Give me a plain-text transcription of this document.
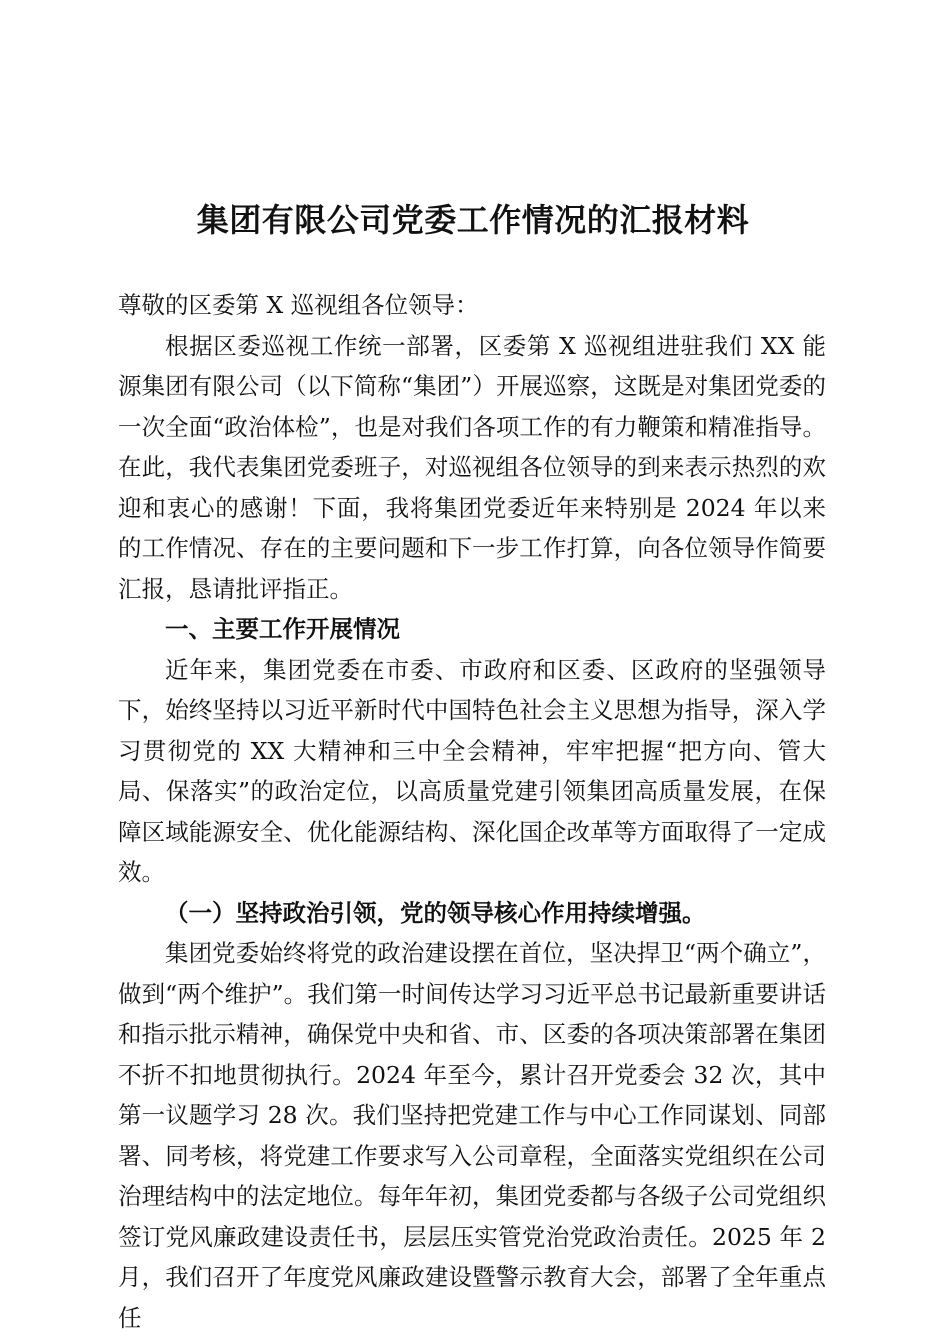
集团有限公司党委工作情况的汇报材料

尊敬的区委第 X 巡视组各位领导：

根据区委巡视工作统一部署，区委第 X 巡视组进驻我们 XX 能源集团有限公司（以下简称“集团”）开展巡察，这既是对集团党委的一次全面“政治体检”，也是对我们各项工作的有力鞭策和精准指导。在此，我代表集团党委班子，对巡视组各位领导的到来表示热烈的欢迎和衷心的感谢！下面，我将集团党委近年来特别是 2024 年以来的工作情况、存在的主要问题和下一步工作打算，向各位领导作简要汇报，恳请批评指正。

一、主要工作开展情况

近年来，集团党委在市委、市政府和区委、区政府的坚强领导下，始终坚持以习近平新时代中国特色社会主义思想为指导，深入学习贯彻党的 XX 大精神和三中全会精神，牢牢把握“把方向、管大局、保落实”的政治定位，以高质量党建引领集团高质量发展，在保障区域能源安全、优化能源结构、深化国企改革等方面取得了一定成效。

（一）坚持政治引领，党的领导核心作用持续增强。

集团党委始终将党的政治建设摆在首位，坚决捍卫“两个确立”，做到“两个维护”。我们第一时间传达学习习近平总书记最新重要讲话和指示批示精神，确保党中央和省、市、区委的各项决策部署在集团不折不扣地贯彻执行。2024 年至今，累计召开党委会 32 次，其中第一议题学习 28 次。我们坚持把党建工作与中心工作同谋划、同部署、同考核，将党建工作要求写入公司章程，全面落实党组织在公司治理结构中的法定地位。每年年初，集团党委都与各级子公司党组织签订党风廉政建设责任书，层层压实管党治党政治责任。2025 年 2 月，我们召开了年度党风廉政建设暨警示教育大会，部署了全年重点任
